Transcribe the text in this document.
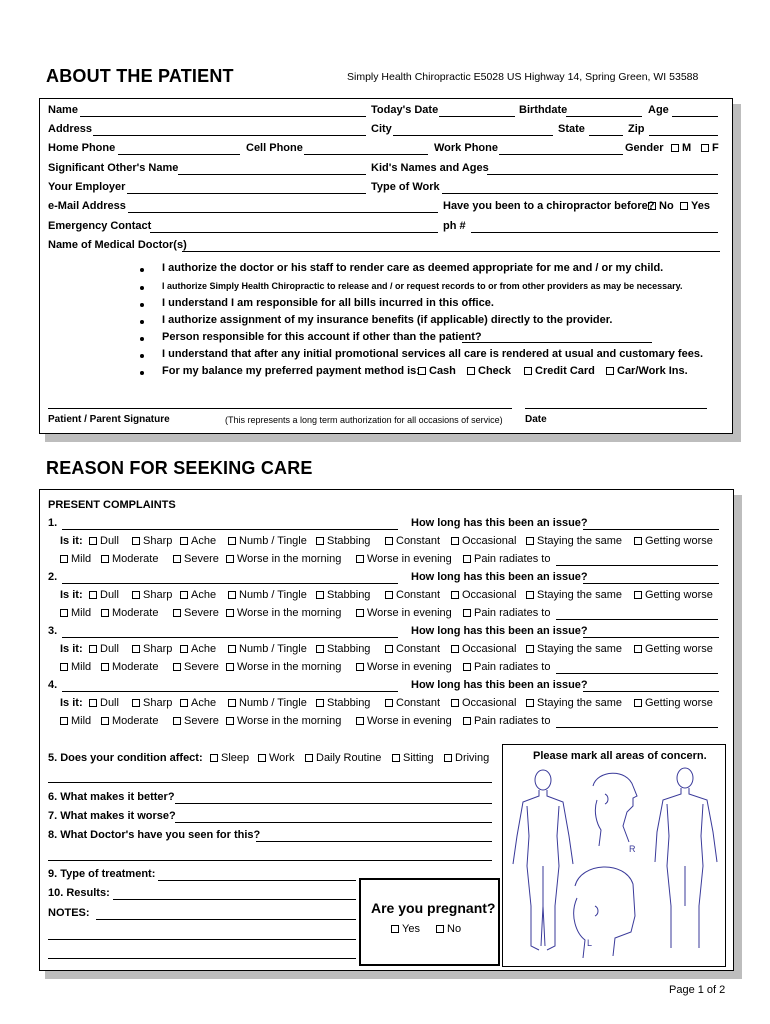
ABOUT THE PATIENT	Simply Health Chiropractic E5028 US Highway 14, Spring Green, WI 53588
Name	Today's Date	Birthdate	Age
Address	City	State	Zip
Home Phone	Cell Phone	Work Phone	Gender	M	F
Significant Other's Name	Kid's Names and Ages
Your Employer	Type of Work
e-Mail Address	Have you been to a chiropractor before? No	Yes
Emergency Contact	ph #
Name of Medical Doctor(s)
I authorize the doctor or his staff to render care as deemed appropriate for me and / or my child.
I authorize Simply Health Chiropractic to release and / or request records to or from other providers as may be necessary.
I understand I am responsible for all bills incurred in this office.
I authorize assignment of my insurance benefits (if applicable) directly to the provider.
Person responsible for this account if other than the patient?
I understand that after any initial promotional services all care is rendered at usual and customary fees.
For my balance my preferred payment method is: Cash	Check	Credit Card	Car/Work Ins.
Patient / Parent Signature	(This represents a long term authorization for all occasions of service) Date
REASON FOR SEEKING CARE
PRESENT COMPLAINTS
1.	How long has this been an issue?
Is it:	Dull	Sharp	Ache	Numb / Tingle	Stabbing	Constant	Occasional	Staying the same	Getting worse
Mild	Moderate	Severe	Worse in the morning	Worse in evening	Pain radiates to
2.	How long has this been an issue?
Is it:	Dull	Sharp	Ache	Numb / Tingle	Stabbing	Constant	Occasional	Staying the same	Getting worse
Mild	Moderate	Severe	Worse in the morning	Worse in evening	Pain radiates to
3.	How long has this been an issue?
Is it:	Dull	Sharp	Ache	Numb / Tingle	Stabbing	Constant	Occasional	Staying the same	Getting worse
Mild	Moderate	Severe	Worse in the morning	Worse in evening	Pain radiates to
4.	How long has this been an issue?
Is it:	Dull	Sharp	Ache	Numb / Tingle	Stabbing	Constant	Occasional	Staying the same	Getting worse
Mild	Moderate	Severe	Worse in the morning	Worse in evening	Pain radiates to
5. Does your condition affect:	Sleep	Work	Daily Routine	Sitting	Driving
6. What makes it better?
7. What makes it worse?
8. What Doctor's have you seen for this?
9. Type of treatment:
10. Results:
NOTES:	Are you pregnant?
Yes	No
Please mark all areas of concern.
R
L
Page 1 of 2
